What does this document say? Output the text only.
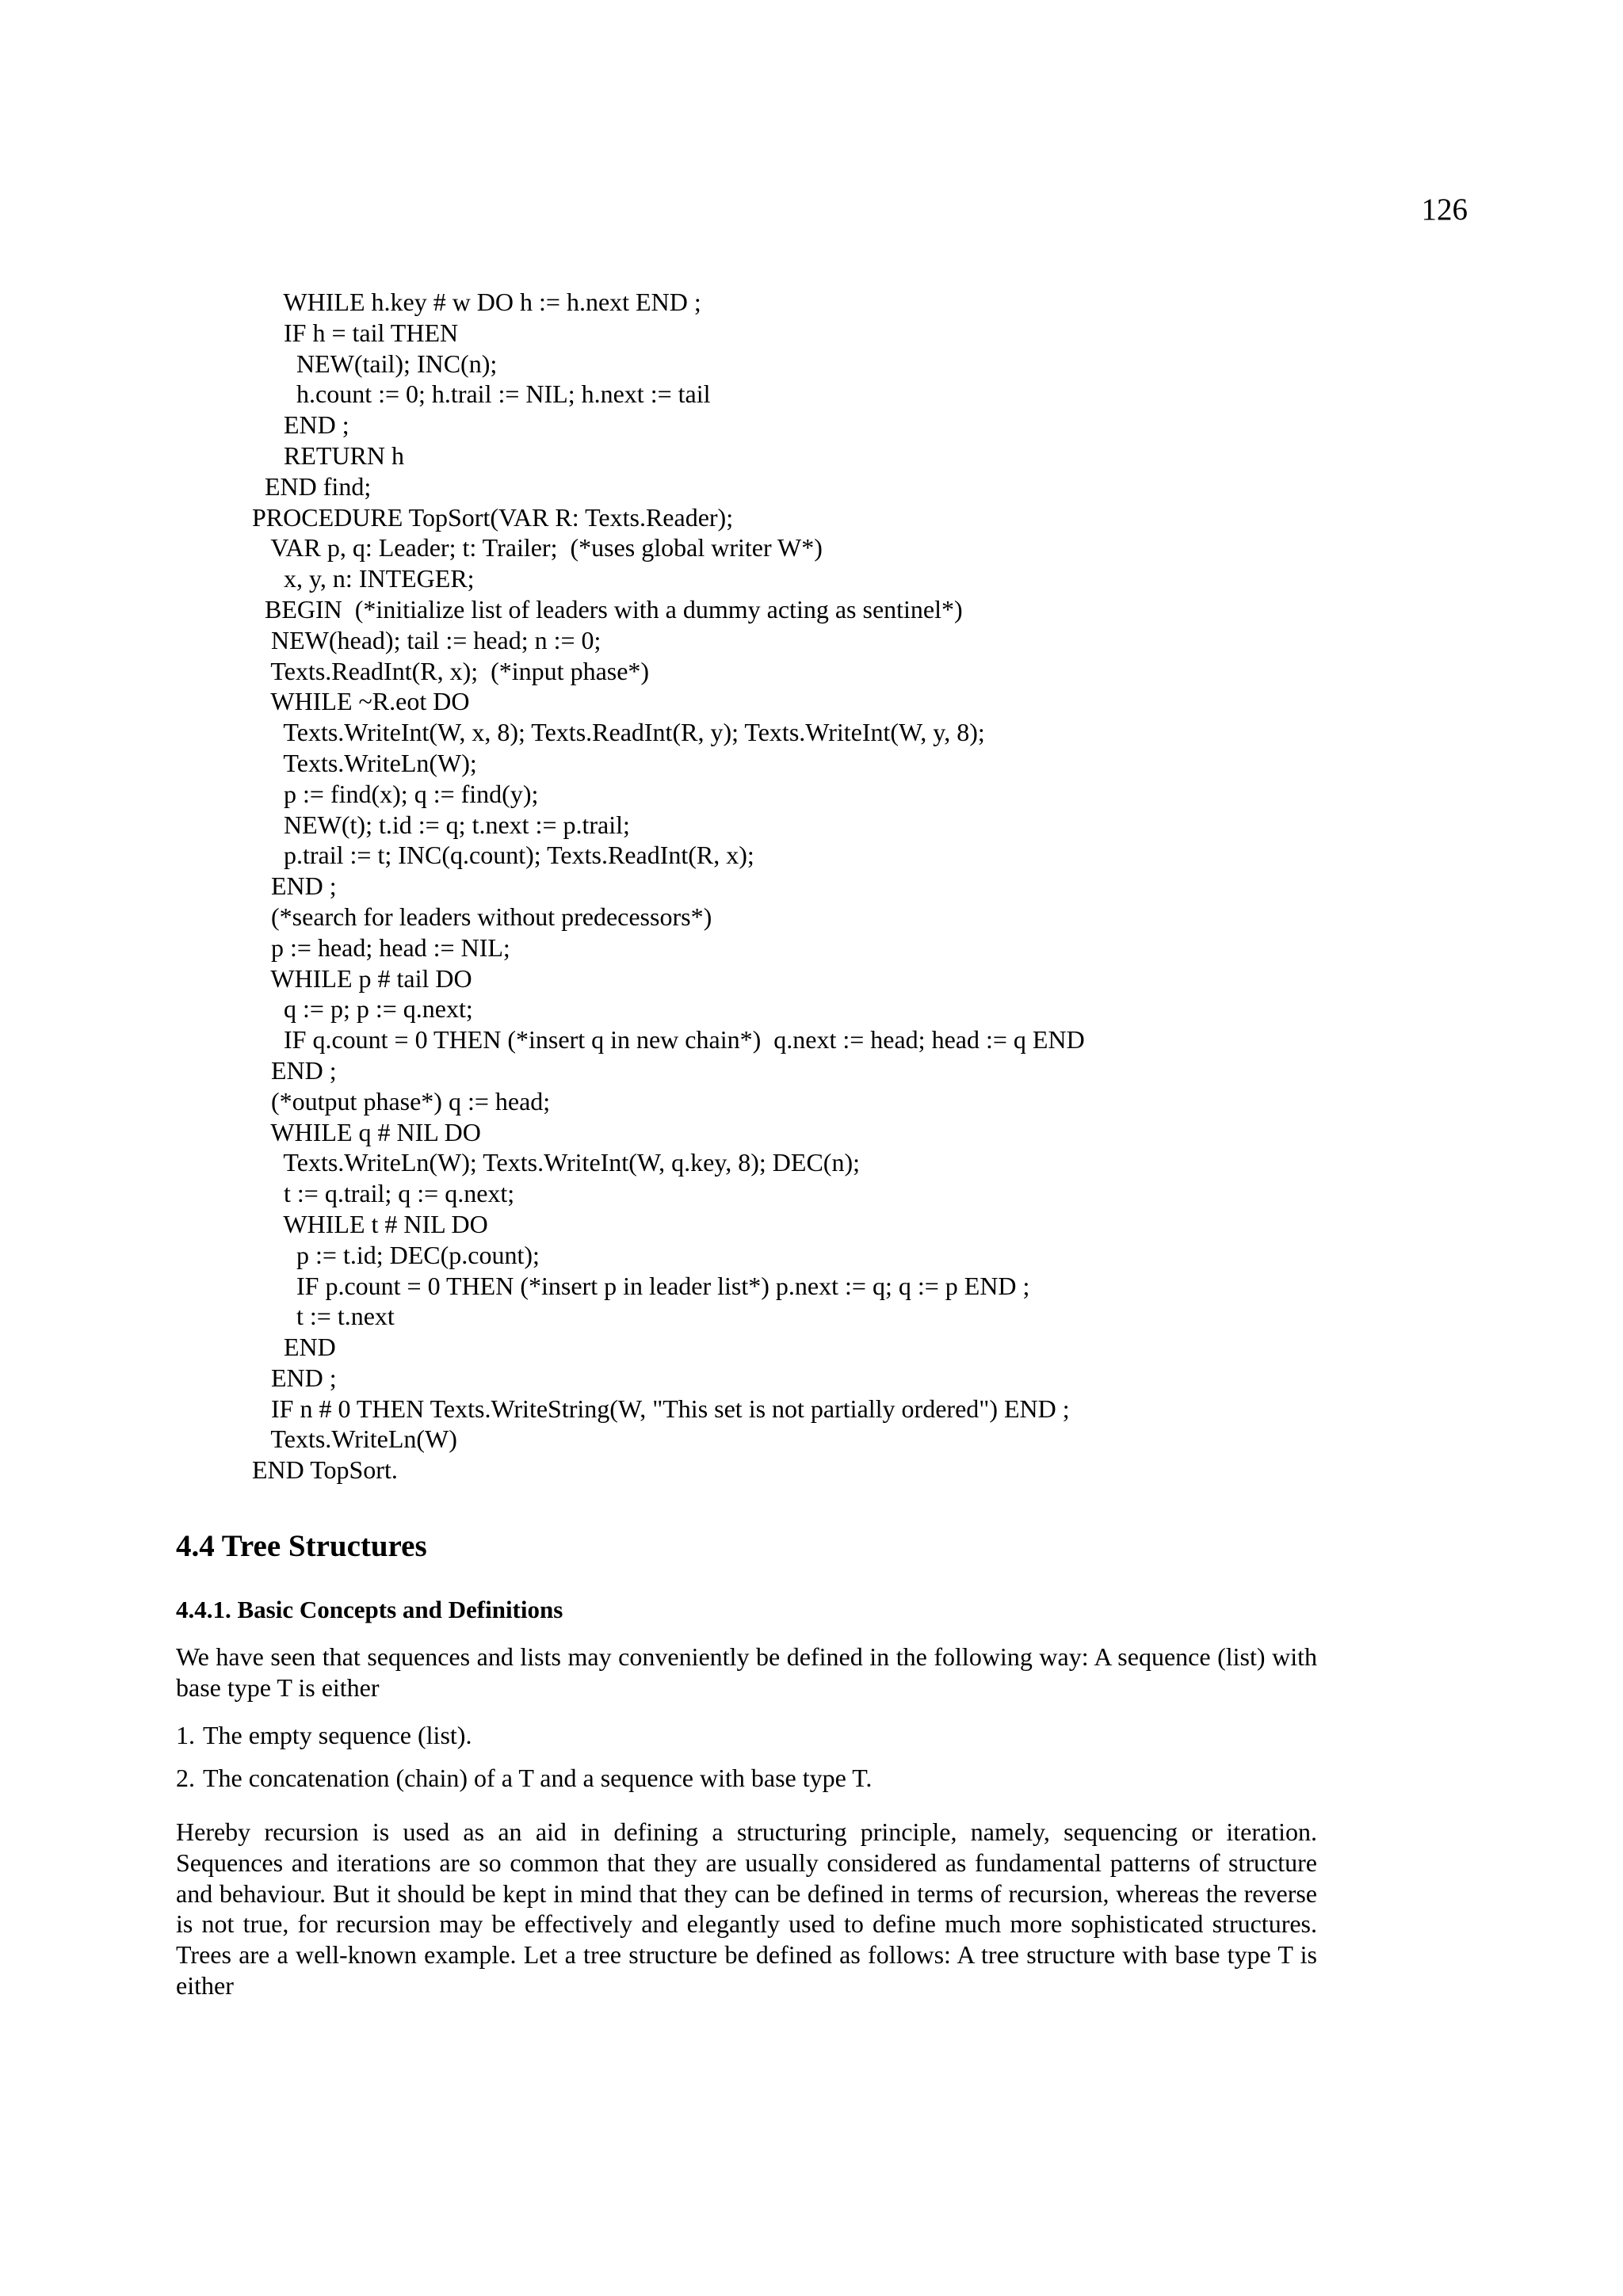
126
WHILE h.key # w DO h := h.next END ;
IF h = tail THEN
NEW(tail); INC(n);
h.count := 0; h.trail := NIL; h.next := tail
END ;
RETURN h
END find;
PROCEDURE TopSort(VAR R: Texts.Reader);
VAR p, q: Leader; t: Trailer;  (*uses global writer W*)
x, y, n: INTEGER;
BEGIN  (*initialize list of leaders with a dummy acting as sentinel*)
NEW(head); tail := head; n := 0;
Texts.ReadInt(R, x);  (*input phase*)
WHILE ~R.eot DO
Texts.WriteInt(W, x, 8); Texts.ReadInt(R, y); Texts.WriteInt(W, y, 8);
Texts.WriteLn(W);
p := find(x); q := find(y);
NEW(t); t.id := q; t.next := p.trail;
p.trail := t; INC(q.count); Texts.ReadInt(R, x);
END ;
(*search for leaders without predecessors*)
p := head; head := NIL;
WHILE p # tail DO
q := p; p := q.next;
IF q.count = 0 THEN (*insert q in new chain*)  q.next := head; head := q END
END ;
(*output phase*) q := head;
WHILE q # NIL DO
Texts.WriteLn(W); Texts.WriteInt(W, q.key, 8); DEC(n);
t := q.trail; q := q.next;
WHILE t # NIL DO
p := t.id; DEC(p.count);
IF p.count = 0 THEN (*insert p in leader list*) p.next := q; q := p END ;
t := t.next
END
END ;
IF n # 0 THEN Texts.WriteString(W, "This set is not partially ordered") END ;
Texts.WriteLn(W)
END TopSort.
4.4 Tree Structures
4.4.1. Basic Concepts and Definitions

We have seen that sequences and lists may conveniently be defined in the following way: A sequence (list) with base type T is either

1. The empty sequence (list).
2. The concatenation (chain) of a T and a sequence with base type T.

Hereby recursion is used as an aid in defining a structuring principle, namely, sequencing or iteration. Sequences and iterations are so common that they are usually considered as fundamental patterns of structure and behaviour. But it should be kept in mind that they can be defined in terms of recursion, whereas the reverse is not true, for recursion may be effectively and elegantly used to define much more sophisticated structures. Trees are a well-known example. Let a tree structure be defined as follows: A tree structure with base type T is either
